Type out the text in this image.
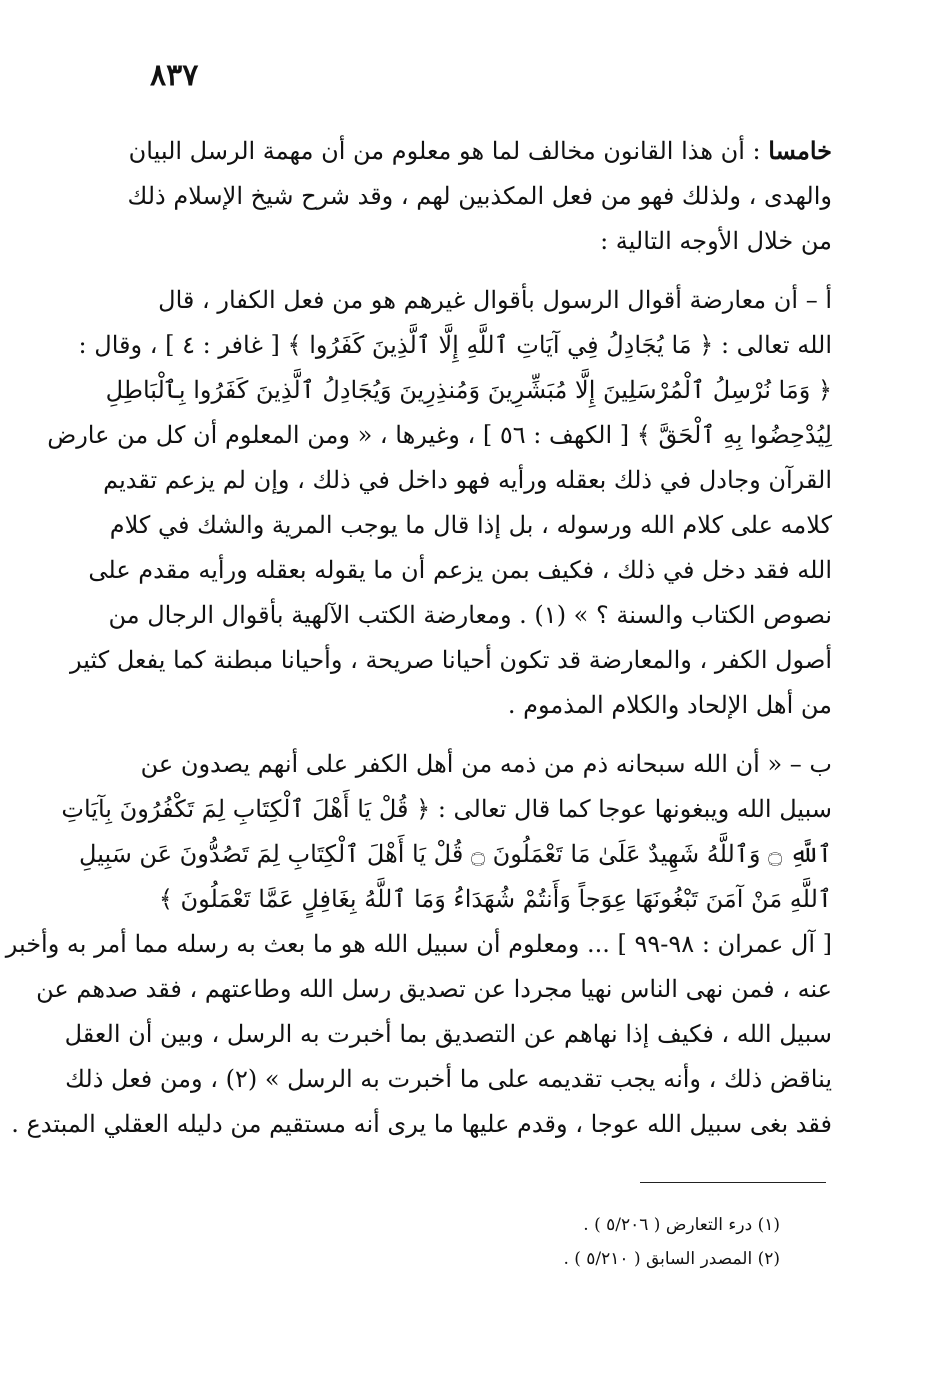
٨٣٧
خامسا : أن هذا القانون مخالف لما هو معلوم من أن مهمة الرسل البيان
والهدى ، ولذلك فهو من فعل المكذبين لهم ، وقد شرح شيخ الإسلام ذلك
من خلال الأوجه التالية :
أ – أن معارضة أقوال الرسول بأقوال غيرهم هو من فعل الكفار ، قال
الله تعالى : ﴿ مَا يُجَادِلُ فِي آيَاتِ ٱللَّهِ إِلَّا ٱلَّذِينَ كَفَرُوا ﴾ [ غافر : ٤ ] ، وقال :
﴿ وَمَا نُرْسِلُ ٱلْمُرْسَلِينَ إِلَّا مُبَشِّرِينَ وَمُنذِرِينَ وَيُجَادِلُ ٱلَّذِينَ كَفَرُوا بِٱلْبَاطِلِ
لِيُدْحِضُوا بِهِ ٱلْحَقَّ ﴾ [ الكهف : ٥٦ ] ، وغيرها ، « ومن المعلوم أن كل من عارض
القرآن وجادل في ذلك بعقله ورأيه فهو داخل في ذلك ، وإن لم يزعم تقديم
كلامه على كلام الله ورسوله ، بل إذا قال ما يوجب المرية والشك في كلام
الله فقد دخل في ذلك ، فكيف بمن يزعم أن ما يقوله بعقله ورأيه مقدم على
نصوص الكتاب والسنة ؟ » (١) . ومعارضة الكتب الآلهية بأقوال الرجال من
أصول الكفر ، والمعارضة قد تكون أحيانا صريحة ، وأحيانا مبطنة كما يفعل كثير
من أهل الإلحاد والكلام المذموم .
ب – « أن الله سبحانه ذم من ذمه من أهل الكفر على أنهم يصدون عن
سبيل الله ويبغونها عوجا كما قال تعالى : ﴿ قُلْ يَا أَهْلَ ٱلْكِتَابِ لِمَ تَكْفُرُونَ بِآيَاتِ
ٱللَّهِ ۝ وَٱللَّهُ شَهِيدٌ عَلَىٰ مَا تَعْمَلُونَ ۝ قُلْ يَا أَهْلَ ٱلْكِتَابِ لِمَ تَصُدُّونَ عَن سَبِيلِ
ٱللَّهِ مَنْ آمَنَ تَبْغُونَهَا عِوَجاً وَأَنتُمْ شُهَدَاءُ وَمَا ٱللَّهُ بِغَافِلٍ عَمَّا تَعْمَلُونَ ﴾
[ آل عمران : ٩٨-٩٩ ] ... ومعلوم أن سبيل الله هو ما بعث به رسله مما أمر به وأخبر
عنه ، فمن نهى الناس نهيا مجردا عن تصديق رسل الله وطاعتهم ، فقد صدهم عن
سبيل الله ، فكيف إذا نهاهم عن التصديق بما أخبرت به الرسل ، وبين أن العقل
يناقض ذلك ، وأنه يجب تقديمه على ما أخبرت به الرسل » (٢) ، ومن فعل ذلك
فقد بغى سبيل الله عوجا ، وقدم عليها ما يرى أنه مستقيم من دليله العقلي المبتدع .
(١) درء التعارض ( ٥/٢٠٦ ) .
(٢) المصدر السابق ( ٥/٢١٠ ) .
